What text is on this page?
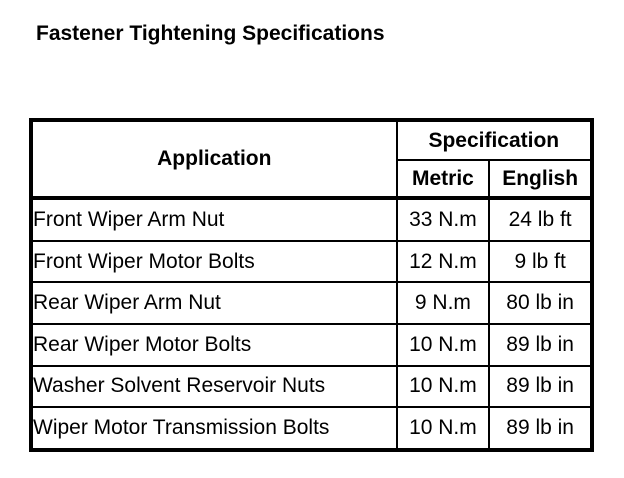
Fastener Tightening Specifications
Application	Specification	
	Metric	English
Front Wiper Arm Nut	33 N.m	24 lb ft
Front Wiper Motor Bolts	12 N.m	9 lb ft
Rear Wiper Arm Nut	9 N.m	80 lb in
Rear Wiper Motor Bolts	10 N.m	89 lb in
Washer Solvent Reservoir Nuts	10 N.m	89 lb in
Wiper Motor Transmission Bolts	10 N.m	89 lb in
